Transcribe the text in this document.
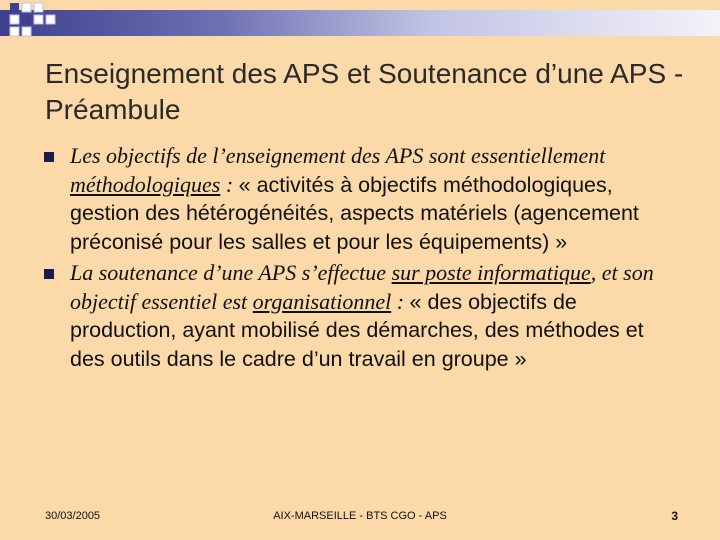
Enseignement des APS et Soutenance d’une APS - Préambule
Les objectifs de l’enseignement des APS sont essentiellement méthodologiques : « activités à objectifs méthodologiques, gestion des hétérogénéités, aspects matériels (agencement préconisé pour les salles et pour les équipements) »
La soutenance d’une APS s’effectue sur poste informatique, et son objectif essentiel est organisationnel : « des objectifs de production, ayant mobilisé des démarches, des méthodes et des outils dans le cadre d’un travail en groupe »
30/03/2005	AIX-MARSEILLE - BTS CGO - APS	3
